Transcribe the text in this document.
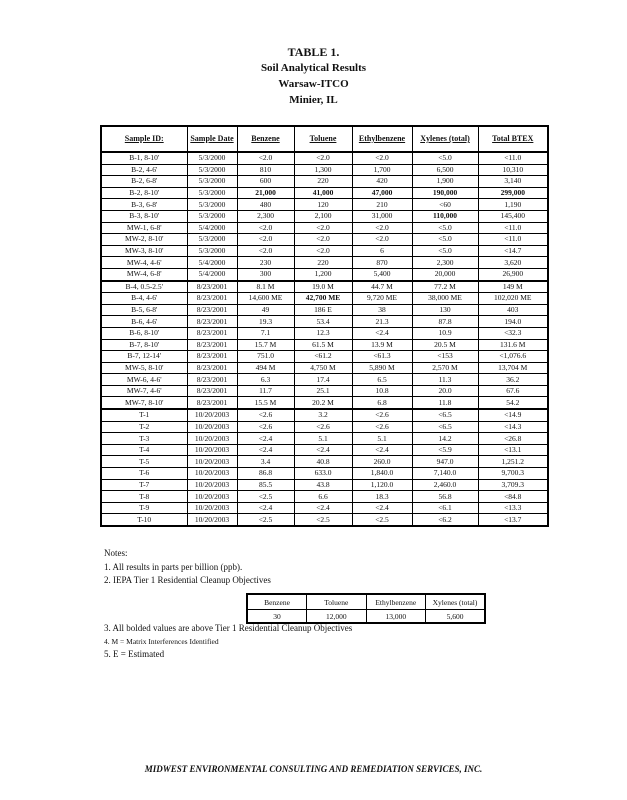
TABLE 1.
Soil Analytical Results
Warsaw-ITCO
Minier, IL
Sample ID:	Sample Date	Benzene	Toluene	Ethylbenzene	Xylenes (total)	Total BTEX
B-1, 8-10'	5/3/2000	<2.0	<2.0	<2.0	<5.0	<11.0
B-2, 4-6'	5/3/2000	810	1,300	1,700	6,500	10,310
B-2, 6-8'	5/3/2000	600	220	420	1,900	3,140
B-2, 8-10'	5/3/2000	21,000	41,000	47,000	190,000	299,000
B-3, 6-8'	5/3/2000	480	120	210	<60	1,190
B-3, 8-10'	5/3/2000	2,300	2,100	31,000	110,000	145,400
MW-1, 6-8'	5/4/2000	<2.0	<2.0	<2.0	<5.0	<11.0
MW-2, 8-10'	5/3/2000	<2.0	<2.0	<2.0	<5.0	<11.0
MW-3, 8-10'	5/3/2000	<2.0	<2.0	6	<5.0	<14.7
MW-4, 4-6'	5/4/2000	230	220	870	2,300	3,620
MW-4, 6-8'	5/4/2000	300	1,200	5,400	20,000	26,900
B-4, 0.5-2.5'	8/23/2001	8.1 M	19.0 M	44.7 M	77.2 M	149 M
B-4, 4-6'	8/23/2001	14,600 ME	42,700 ME	9,720 ME	38,000 ME	102,020 ME
B-5, 6-8'	8/23/2001	49	186 E	38	130	403
B-6, 4-6'	8/23/2001	19.3	53.4	21.3	87.8	194.0
B-6, 8-10'	8/23/2001	7.1	12.3	<2.4	10.9	<32.3
B-7, 8-10'	8/23/2001	15.7 M	61.5 M	13.9 M	20.5 M	131.6 M
B-7, 12-14'	8/23/2001	751.0	<61.2	<61.3	<153	<1,076.6
MW-5, 8-10'	8/23/2001	494 M	4,750 M	5,890 M	2,570 M	13,704 M
MW-6, 4-6'	8/23/2001	6.3	17.4	6.5	11.3	36.2
MW-7, 4-6'	8/23/2001	11.7	25.1	10.8	20.0	67.6
MW-7, 8-10'	8/23/2001	15.5 M	20.2 M	6.8	11.8	54.2
T-1	10/20/2003	<2.6	3.2	<2.6	<6.5	<14.9
T-2	10/20/2003	<2.6	<2.6	<2.6	<6.5	<14.3
T-3	10/20/2003	<2.4	5.1	5.1	14.2	<26.8
T-4	10/20/2003	<2.4	<2.4	<2.4	<5.9	<13.1
T-5	10/20/2003	3.4	40.8	260.0	947.0	1,251.2
T-6	10/20/2003	86.8	633.0	1,840.0	7,140.0	9,700.3
T-7	10/20/2003	85.5	43.8	1,120.0	2,460.0	3,709.3
T-8	10/20/2003	<2.5	6.6	18.3	56.8	<84.8
T-9	10/20/2003	<2.4	<2.4	<2.4	<6.1	<13.3
T-10	10/20/2003	<2.5	<2.5	<2.5	<6.2	<13.7
Notes:
1. All results in parts per billion (ppb).
2. IEPA Tier 1 Residential Cleanup Objectives
Benzene	Toluene	Ethylbenzene	Xylenes (total)
30	12,000	13,000	5,600
3. All bolded values are above Tier 1 Residential Cleanup Objectives
4. M = Matrix Interferences Identified
5. E = Estimated
MIDWEST ENVIRONMENTAL CONSULTING AND REMEDIATION SERVICES, INC.
